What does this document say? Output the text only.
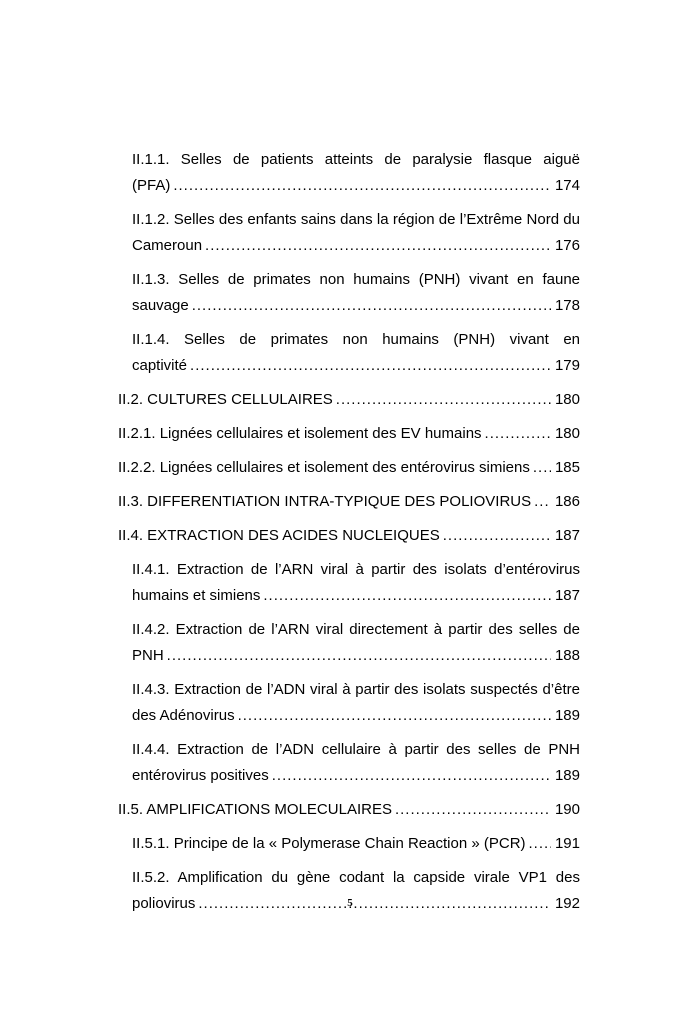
II.1.1. Selles de patients atteints de paralysie flasque aiguë
(PFA) .....	174
II.1.2. Selles des enfants sains dans la région de l’Extrême Nord du
Cameroun .....	176
II.1.3. Selles de primates non humains (PNH) vivant en faune
sauvage .....	178
II.1.4. Selles de primates non humains (PNH) vivant en
captivité .....	179
II.2. CULTURES CELLULAIRES .....	180
II.2.1. Lignées cellulaires et isolement des EV humains .....	180
II.2.2. Lignées cellulaires et isolement des entérovirus simiens ..... 185
II.3. DIFFERENTIATION INTRA-TYPIQUE DES POLIOVIRUS ..... 186
II.4. EXTRACTION DES ACIDES NUCLEIQUES .....	187
II.4.1. Extraction de l’ARN viral à partir des isolats d’entérovirus
humains et simiens .....	187
II.4.2. Extraction de l’ARN viral directement à partir des selles de
PNH .....	188
II.4.3. Extraction de l’ADN viral à partir des isolats suspectés d’être
des Adénovirus .....	189
II.4.4. Extraction de l’ADN cellulaire à partir des selles de PNH
entérovirus positives .....	189
II.5. AMPLIFICATIONS MOLECULAIRES .....	190
II.5.1. Principe de la « Polymerase Chain Reaction » (PCR) ..... 191
II.5.2. Amplification du gène codant la capside virale VP1 des
poliovirus .....	192
5
